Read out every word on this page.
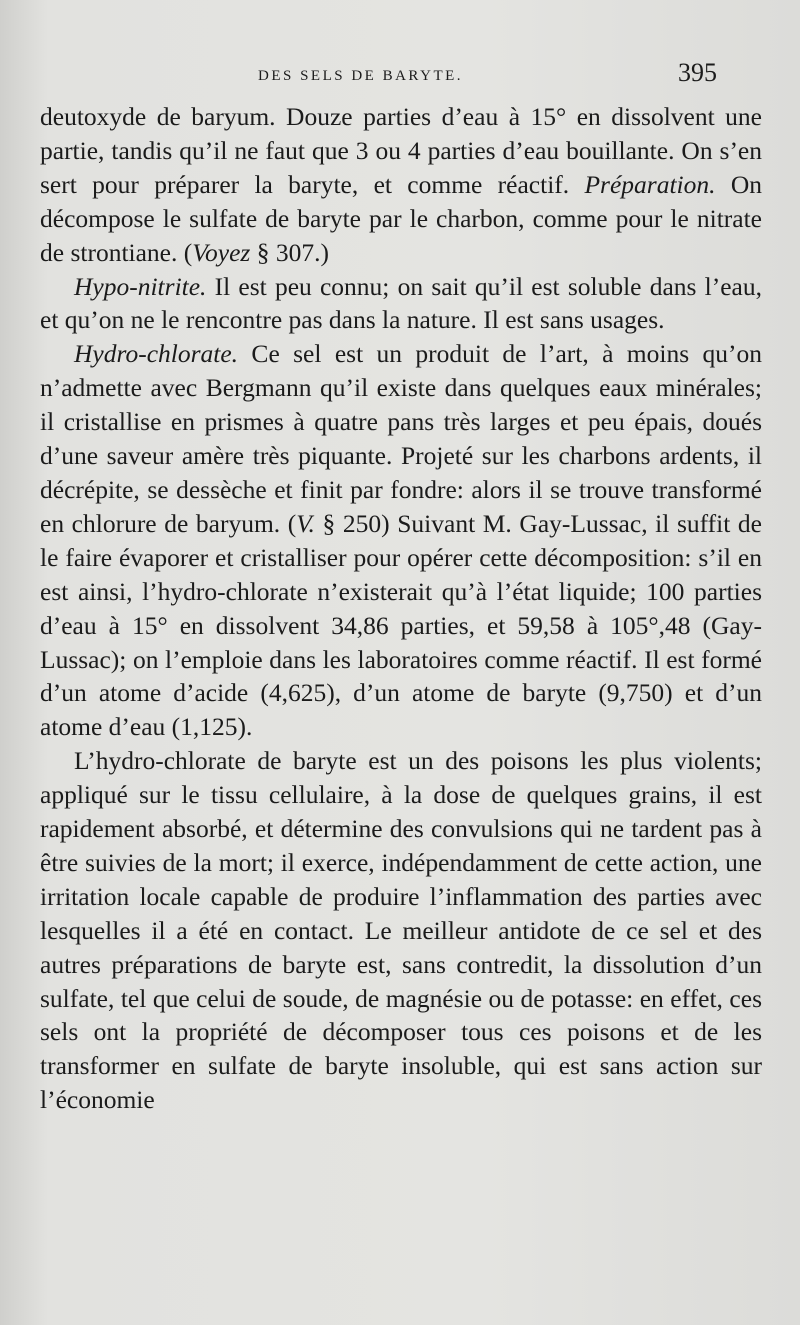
DES SELS DE BARYTE.	395

deutoxyde de baryum. Douze parties d’eau à 15° en dissolvent une partie, tandis qu’il ne faut que 3 ou 4 parties d’eau bouillante. On s’en sert pour préparer la baryte, et comme réactif. Préparation. On décompose le sulfate de baryte par le charbon, comme pour le nitrate de strontiane. (Voyez § 307.)

Hypo-nitrite. Il est peu connu; on sait qu’il est soluble dans l’eau, et qu’on ne le rencontre pas dans la nature. Il est sans usages.

Hydro-chlorate. Ce sel est un produit de l’art, à moins qu’on n’admette avec Bergmann qu’il existe dans quelques eaux minérales; il cristallise en prismes à quatre pans très larges et peu épais, doués d’une saveur amère très piquante. Projeté sur les charbons ardents, il décrépite, se dessèche et finit par fondre: alors il se trouve transformé en chlorure de baryum. (V. § 250) Suivant M. Gay-Lussac, il suffit de le faire évaporer et cristalliser pour opérer cette décomposition: s’il en est ainsi, l’hydro-chlorate n’existerait qu’à l’état liquide; 100 parties d’eau à 15° en dissolvent 34,86 parties, et 59,58 à 105°,48 (Gay-Lussac); on l’emploie dans les laboratoires comme réactif. Il est formé d’un atome d’acide (4,625), d’un atome de baryte (9,750) et d’un atome d’eau (1,125).

L’hydro-chlorate de baryte est un des poisons les plus violents; appliqué sur le tissu cellulaire, à la dose de quelques grains, il est rapidement absorbé, et détermine des convulsions qui ne tardent pas à être suivies de la mort; il exerce, indépendamment de cette action, une irritation locale capable de produire l’inflammation des parties avec lesquelles il a été en contact. Le meilleur antidote de ce sel et des autres préparations de baryte est, sans contredit, la dissolution d’un sulfate, tel que celui de soude, de magnésie ou de potasse: en effet, ces sels ont la propriété de décomposer tous ces poisons et de les transformer en sulfate de baryte insoluble, qui est sans action sur l’économie
